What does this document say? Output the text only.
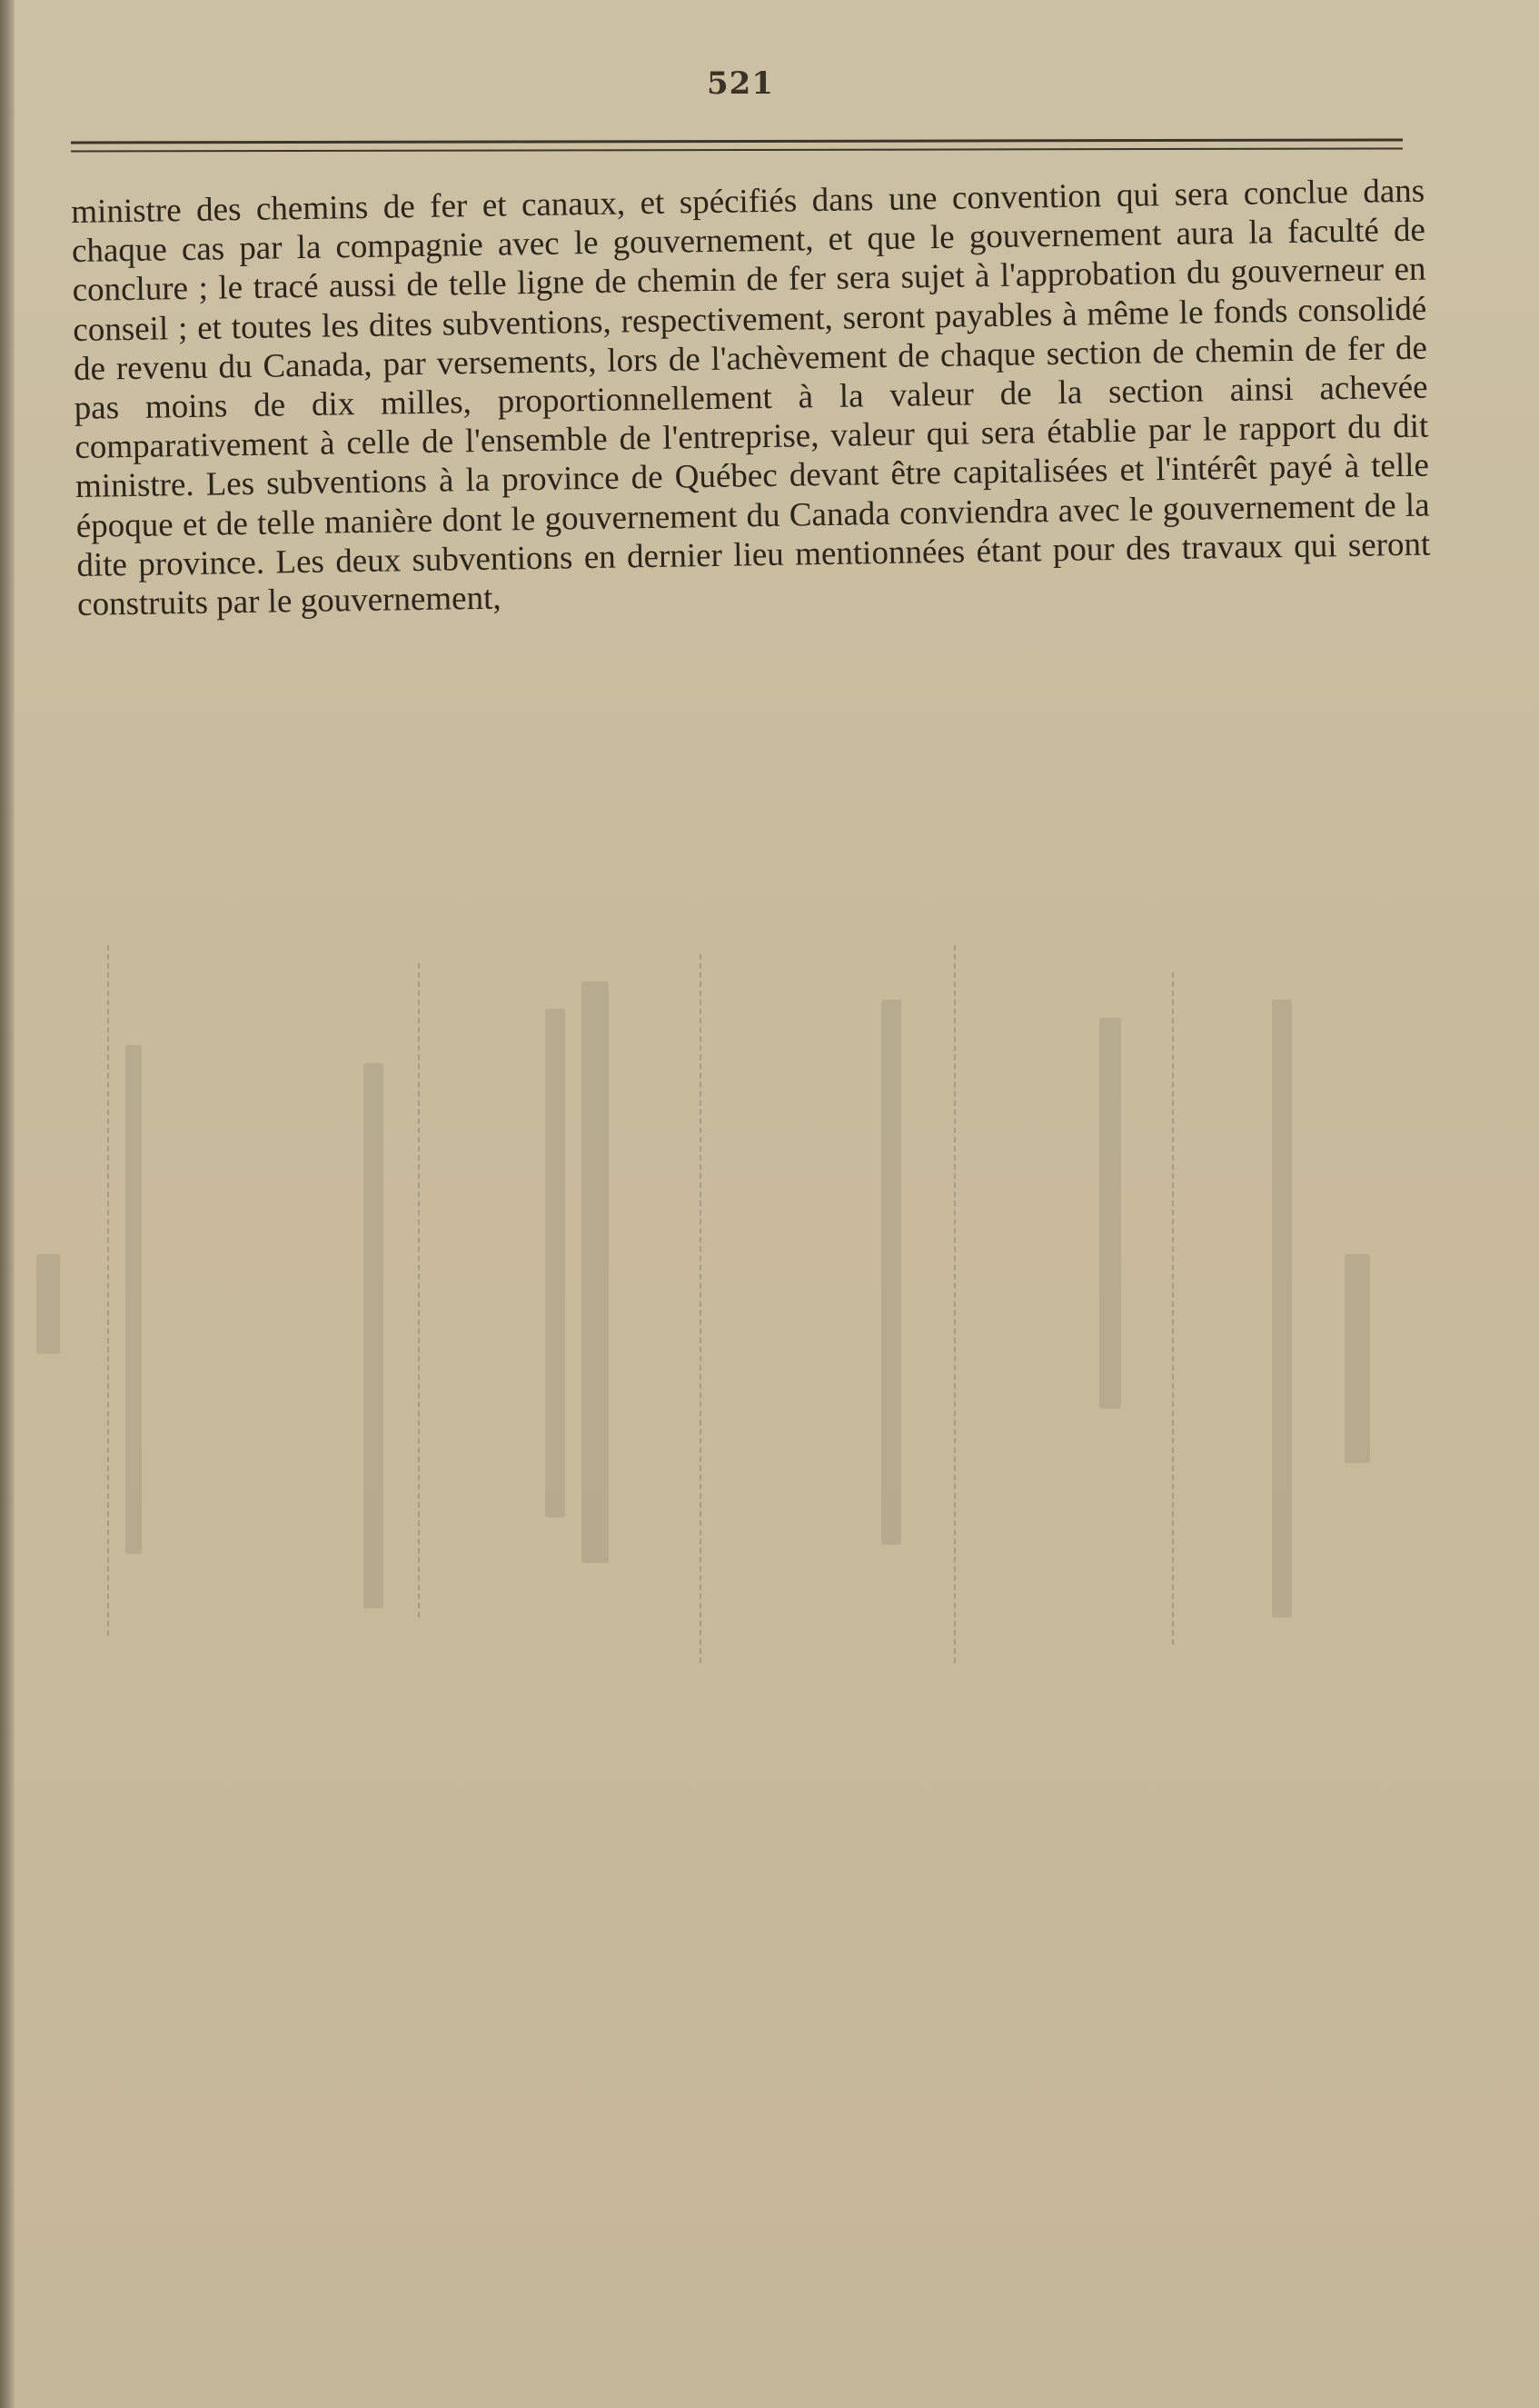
521

ministre des chemins de fer et canaux, et spécifiés dans une convention qui sera conclue dans chaque cas par la compagnie avec le gouvernement, et que le gouvernement aura la faculté de conclure ; le tracé aussi de telle ligne de chemin de fer sera sujet à l'approbation du gouverneur en conseil ; et toutes les dites subventions, respectivement, seront payables à même le fonds consolidé de revenu du Canada, par versements, lors de l'achèvement de chaque section de chemin de fer de pas moins de dix milles, proportionnellement à la valeur de la section ainsi achevée comparativement à celle de l'ensemble de l'entreprise, valeur qui sera établie par le rapport du dit ministre. Les subventions à la province de Québec devant être capitalisées et l'intérêt payé à telle époque et de telle manière dont le gouvernement du Canada conviendra avec le gouvernement de la dite province. Les deux subventions en dernier lieu mentionnées étant pour des travaux qui seront construits par le gouvernement,
